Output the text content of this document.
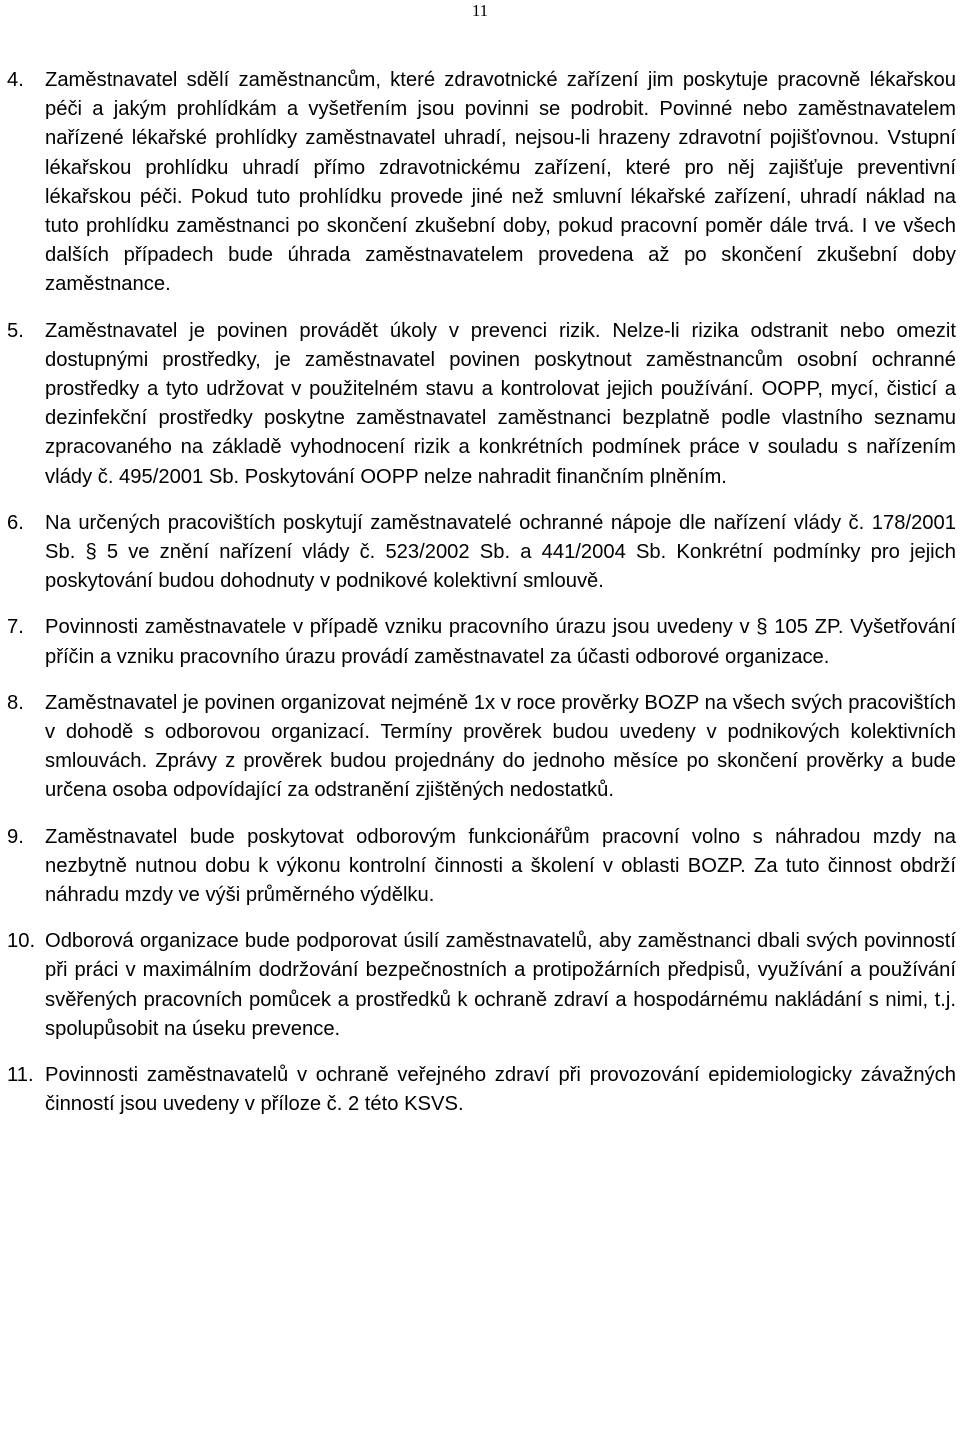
11
4. Zaměstnavatel sdělí zaměstnancům, které zdravotnické zařízení jim poskytuje pracovně lékařskou péči a jakým prohlídkám a vyšetřením jsou povinni se podrobit. Povinné nebo zaměstnavatelem nařízené lékařské prohlídky zaměstnavatel uhradí, nejsou-li hrazeny zdravotní pojišťovnou. Vstupní lékařskou prohlídku uhradí přímo zdravotnickému zařízení, které pro něj zajišťuje preventivní lékařskou péči. Pokud tuto prohlídku provede jiné než smluvní lékařské zařízení, uhradí náklad na tuto prohlídku zaměstnanci po skončení zkušební doby, pokud pracovní poměr dále trvá. I ve všech dalších případech bude úhrada zaměstnavatelem provedena až po skončení zkušební doby zaměstnance.
5. Zaměstnavatel je povinen provádět úkoly v prevenci rizik. Nelze-li rizika odstranit nebo omezit dostupnými prostředky, je zaměstnavatel povinen poskytnout zaměstnancům osobní ochranné prostředky a tyto udržovat v použitelném stavu a kontrolovat jejich používání. OOPP, mycí, čisticí a dezinfekční prostředky poskytne zaměstnavatel zaměstnanci bezplatně podle vlastního seznamu zpracovaného na základě vyhodnocení rizik a konkrétních podmínek práce v souladu s nařízením vlády č. 495/2001 Sb. Poskytování OOPP nelze nahradit finančním plněním.
6. Na určených pracovištích poskytují zaměstnavatelé ochranné nápoje dle nařízení vlády č. 178/2001 Sb. § 5 ve znění nařízení vlády č. 523/2002 Sb. a 441/2004 Sb. Konkrétní podmínky pro jejich poskytování budou dohodnuty v podnikové kolektivní smlouvě.
7. Povinnosti zaměstnavatele v případě vzniku pracovního úrazu jsou uvedeny v § 105 ZP. Vyšetřování příčin a vzniku pracovního úrazu provádí zaměstnavatel za účasti odborové organizace.
8. Zaměstnavatel je povinen organizovat nejméně 1x v roce prověrky BOZP na všech svých pracovištích v dohodě s odborovou organizací. Termíny prověrek budou uvedeny v podnikových kolektivních smlouvách. Zprávy z prověrek budou projednány do jednoho měsíce po skončení prověrky a bude určena osoba odpovídající za odstranění zjištěných nedostatků.
9. Zaměstnavatel bude poskytovat odborovým funkcionářům pracovní volno s náhradou mzdy na nezbytně nutnou dobu k výkonu kontrolní činnosti a školení v oblasti BOZP. Za tuto činnost obdrží náhradu mzdy ve výši průměrného výdělku.
10. Odborová organizace bude podporovat úsilí zaměstnavatelů, aby zaměstnanci dbali svých povinností při práci v maximálním dodržování bezpečnostních a protipožárních předpisů, využívání a používání svěřených pracovních pomůcek a prostředků k ochraně zdraví a hospodárnému nakládání s nimi, t.j. spolupůsobit na úseku prevence.
11. Povinnosti zaměstnavatelů v ochraně veřejného zdraví při provozování epidemiologicky závažných činností jsou uvedeny v příloze č. 2 této KSVS.
